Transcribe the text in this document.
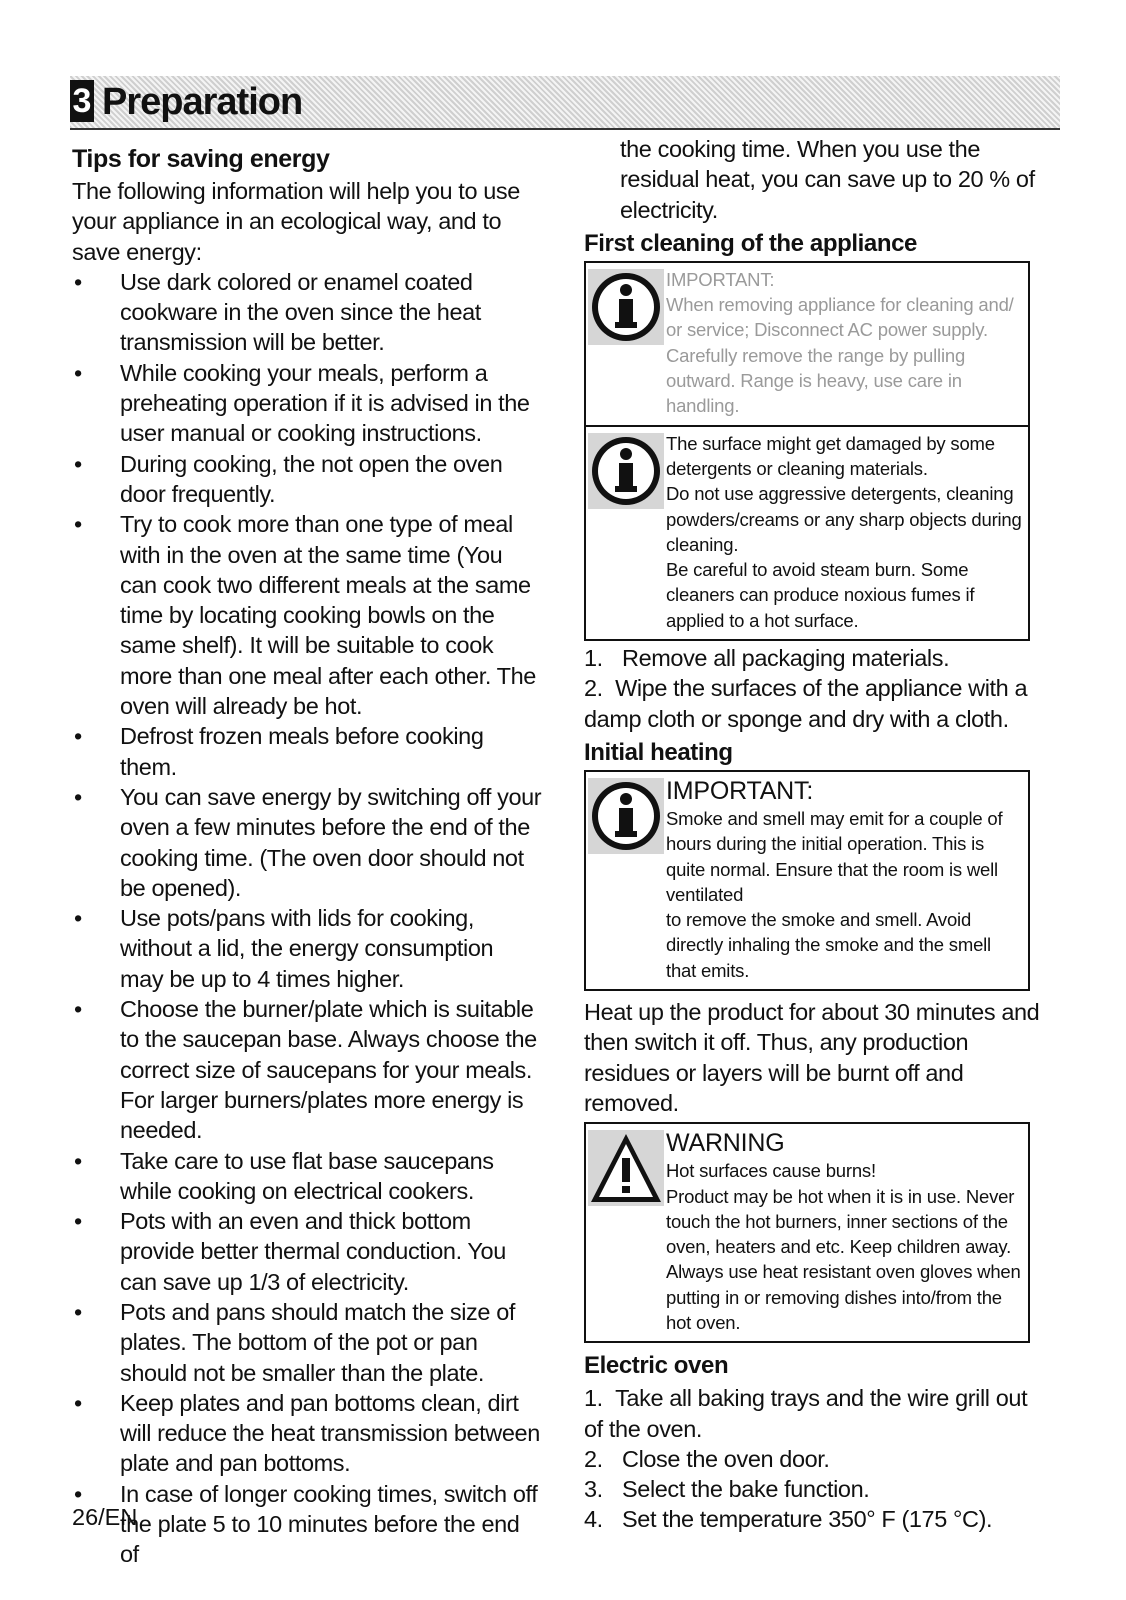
3 Preparation
Tips for saving energy

The following information will help you to use your appliance in an ecological way, and to save energy:

• Use dark colored or enamel coated cookware in the oven since the heat transmission will be better.
• While cooking your meals, perform a preheating operation if it is advised in the user manual or cooking instructions.
• During cooking, the not open the oven door frequently.
• Try to cook more than one type of meal with in the oven at the same time (You can cook two different meals at the same time by locating cooking bowls on the same shelf). It will be suitable to cook more than one meal after each other. The oven will already be hot.
• Defrost frozen meals before cooking them.
• You can save energy by switching off your oven a few minutes before the end of the cooking time. (The oven door should not be opened).
• Use pots/pans with lids for cooking, without a lid, the energy consumption may be up to 4 times higher.
• Choose the burner/plate which is suitable to the saucepan base. Always choose the correct size of saucepans for your meals. For larger burners/plates more energy is needed.
• Take care to use flat base saucepans while cooking on electrical cookers.
• Pots with an even and thick bottom provide better thermal conduction. You can save up 1/3 of electricity.
• Pots and pans should match the size of plates. The bottom of the pot or pan should not be smaller than the plate.
• Keep plates and pan bottoms clean, dirt will reduce the heat transmission between plate and pan bottoms.
• In case of longer cooking times, switch off the plate 5 to 10 minutes before the end of

the cooking time. When you use the residual heat, you can save up to 20 % of electricity.

First cleaning of the appliance
IMPORTANT:
When removing appliance for cleaning and/ or service; Disconnect AC power supply. Carefully remove the range by pulling outward. Range is heavy, use care in handling.
The surface might get damaged by some detergents or cleaning materials.
Do not use aggressive detergents, cleaning powders/creams or any sharp objects during cleaning.
Be careful to avoid steam burn. Some cleaners can produce noxious fumes if applied to a hot surface.
1. Remove all packaging materials.

2. Wipe the surfaces of the appliance with a damp cloth or sponge and dry with a cloth.

Initial heating
IMPORTANT:
Smoke and smell may emit for a couple of hours during the initial operation. This is quite normal. Ensure that the room is well ventilated
to remove the smoke and smell. Avoid directly inhaling the smoke and the smell that emits.

Heat up the product for about 30 minutes and then switch it off. Thus, any production residues or layers will be burnt off and removed.

WARNING
Hot surfaces cause burns!
Product may be hot when it is in use. Never touch the hot burners, inner sections of the oven, heaters and etc. Keep children away. Always use heat resistant oven gloves when putting in or removing dishes into/from the hot oven.
Electric oven

1. Take all baking trays and the wire grill out of the oven.

2. Close the oven door.
3. Select the bake function.
4. Set the temperature 350° F (175 °C).
26/EN
